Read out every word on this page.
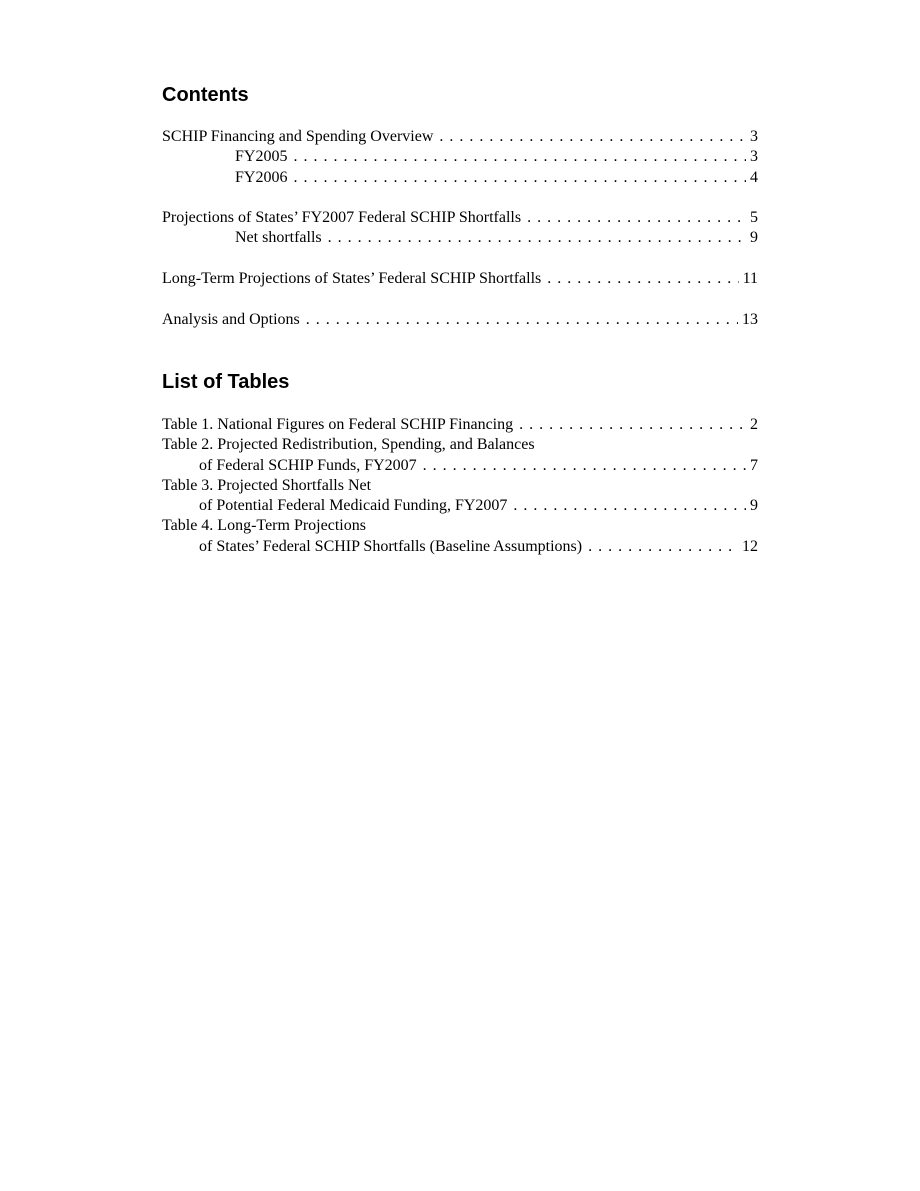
Contents
SCHIP Financing and Spending Overview . . .	3
FY2005 . . .	3
FY2006 . . .	4
Projections of States’ FY2007 Federal SCHIP Shortfalls . . .	5
Net shortfalls . . .	9
Long-Term Projections of States’ Federal SCHIP Shortfalls . . .	11
Analysis and Options . . .	13
List of Tables
Table 1. National Figures on Federal SCHIP Financing . . .	2
Table 2. Projected Redistribution, Spending, and Balances
of Federal SCHIP Funds, FY2007 . . .	7
Table 3. Projected Shortfalls Net
of Potential Federal Medicaid Funding, FY2007 . . .	9
Table 4. Long-Term Projections
of States’ Federal SCHIP Shortfalls (Baseline Assumptions) . . .	12
